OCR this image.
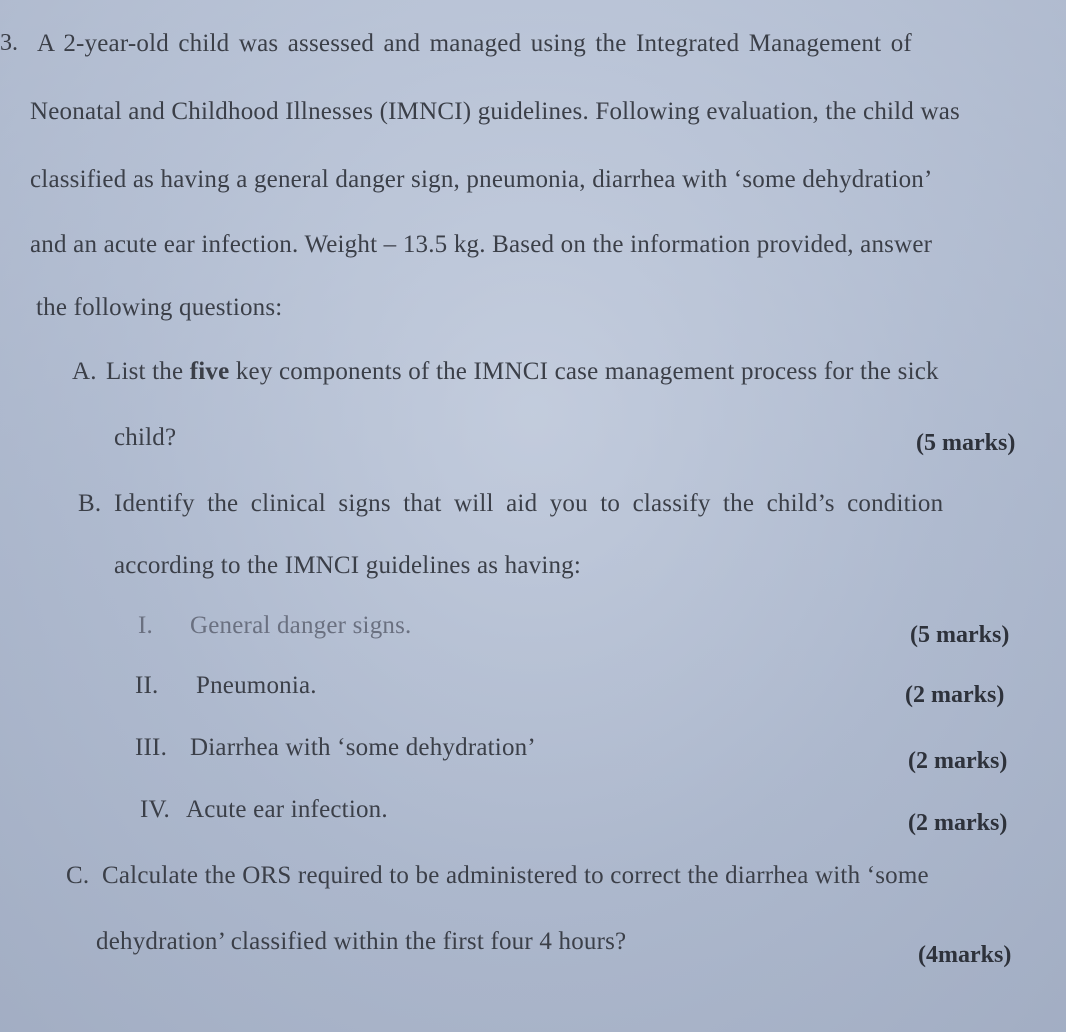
3. A 2-year-old child was assessed and managed using the Integrated Management of
Neonatal and Childhood Illnesses (IMNCI) guidelines. Following evaluation, the child was
classified as having a general danger sign, pneumonia, diarrhea with ‘some dehydration’
and an acute ear infection. Weight – 13.5 kg. Based on the information provided, answer
the following questions:
A. List the five key components of the IMNCI case management process for the sick
child?	(5 marks)
B. Identify the clinical signs that will aid you to classify the child’s condition
according to the IMNCI guidelines as having:
I. General danger signs.	(5 marks)
II. Pneumonia.	(2 marks)
III. Diarrhea with ‘some dehydration’	(2 marks)
IV. Acute ear infection.	(2 marks)
C. Calculate the ORS required to be administered to correct the diarrhea with ‘some
dehydration’ classified within the first four 4 hours?	(4marks)
